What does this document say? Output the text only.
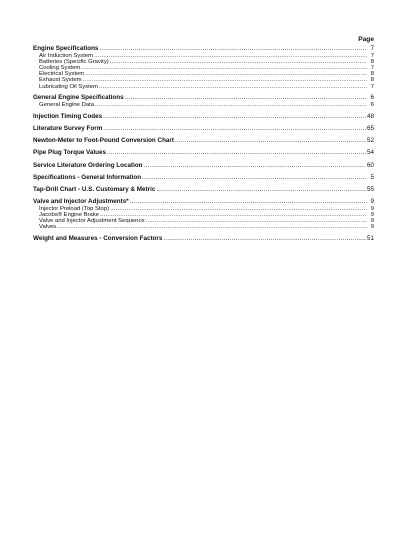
Page
Engine Specifications .....	7
Air Induction System .....	7
Batteries (Specific Gravity) .....	8
Cooling System .....	7
Electrical System .....	8
Exhaust System .....	8
Lubricating Oil System .....	7
General Engine Specifications .....	6
General Engine Data .....	6
Injection Timing Codes .....	48
Literature Survey Form .....	65
Newton-Meter to Foot-Pound Conversion Chart .....	52
Pipe Plug Torque Values .....	54
Service Literature Ordering Location .....	60
Specifications - General Information .....	5
Tap-Drill Chart - U.S. Customary & Metric .....	55
Valve and Injector Adjustments* .....	9
Injector Preload (Top Stop) .....	9
Jacobs® Engine Brake .....	9
Valve and Injector Adjustment Sequence .....	9
Valves .....	9
Weight and Measures - Conversion Factors .....	51
